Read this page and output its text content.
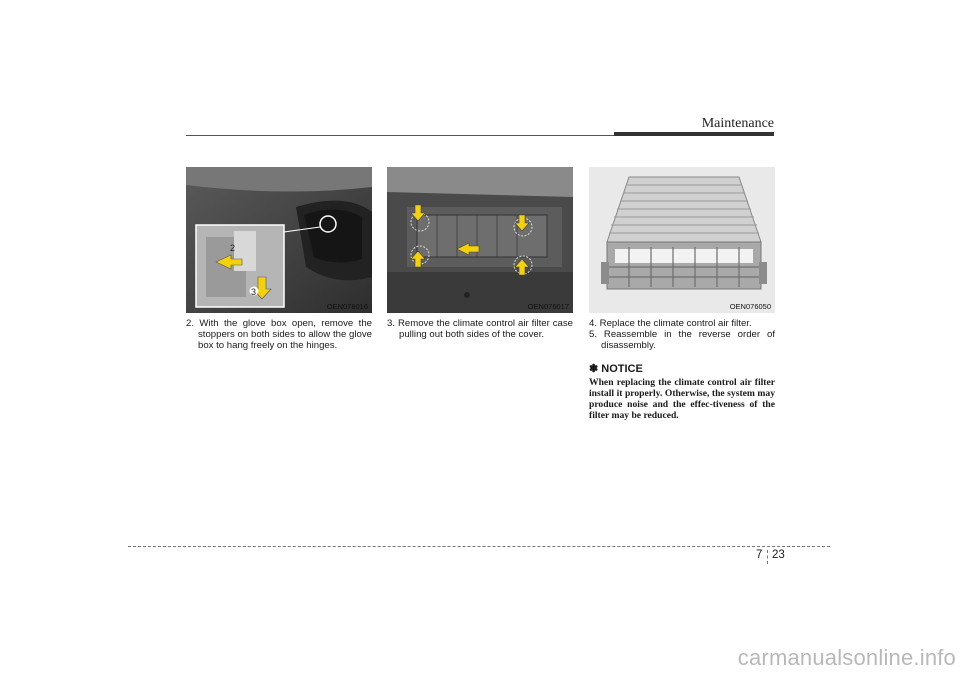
Maintenance
2
3
OEN078016	OEN076017	OEN076050

2. With the glove box open, remove the stoppers on both sides to allow the glove box to hang freely on the hinges.

3. Remove the climate control air filter case pulling out both sides of the cover.

4. Replace the climate control air filter.

5. Reassemble in the reverse order of disassembly.

✽ NOTICE

When replacing the climate control air filter install it properly. Otherwise, the system may produce noise and the effec-tiveness of the filter may be reduced.

7 23
carmanualsonline.info
